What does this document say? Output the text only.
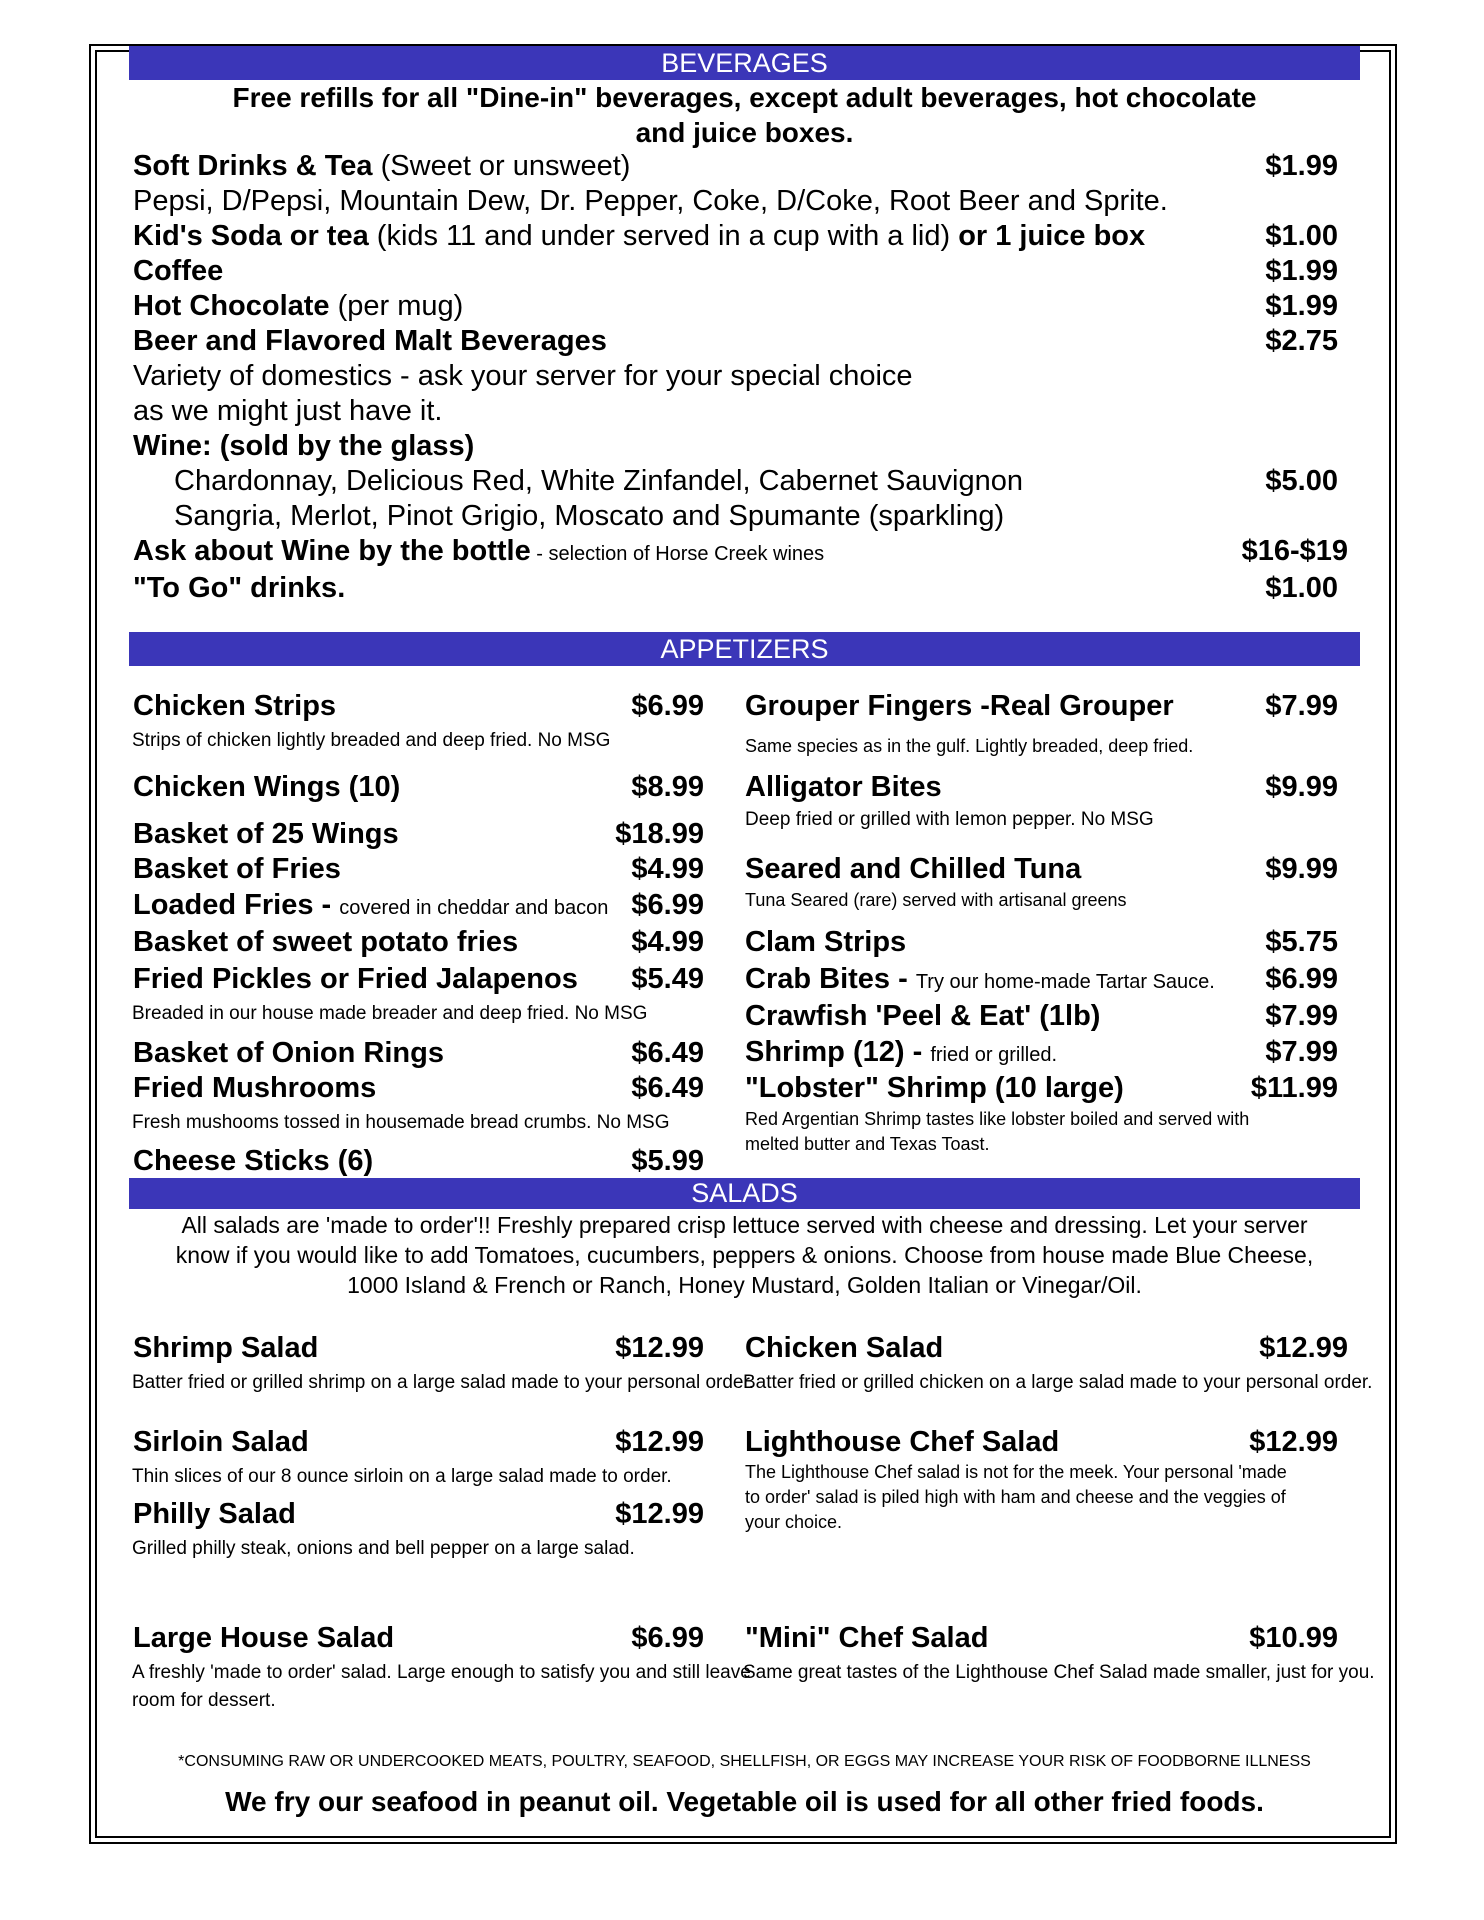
BEVERAGES
Free refills for all "Dine-in" beverages, except adult beverages, hot chocolate
and juice boxes.
Soft Drinks & Tea (Sweet or unsweet)	$1.99
Pepsi, D/Pepsi, Mountain Dew, Dr. Pepper, Coke, D/Coke, Root Beer and Sprite.
Kid's Soda or tea (kids 11 and under served in a cup with a lid) or 1 juice box	$1.00
Coffee	$1.99
Hot Chocolate (per mug)	$1.99
Beer and Flavored Malt Beverages	$2.75
Variety of domestics - ask your server for your special choice
as we might just have it.
Wine: (sold by the glass)
Chardonnay, Delicious Red, White Zinfandel, Cabernet Sauvignon	$5.00
Sangria, Merlot, Pinot Grigio, Moscato and Spumante (sparkling)
Ask about Wine by the bottle - selection of Horse Creek wines	$16-$19
"To Go" drinks.	$1.00
APPETIZERS
Chicken Strips	$6.99
Strips of chicken lightly breaded and deep fried. No MSG
Chicken Wings (10)	$8.99
Basket of 25 Wings	$18.99
Basket of Fries	$4.99
Loaded Fries - covered in cheddar and bacon $6.99
Basket of sweet potato fries	$4.99
Fried Pickles or Fried Jalapenos $5.49
Breaded in our house made breader and deep fried. No MSG
Basket of Onion Rings	$6.49
Fried Mushrooms	$6.49
Fresh mushooms tossed in housemade bread crumbs. No MSG
Cheese Sticks (6)	$5.99
Grouper Fingers -Real Grouper	$7.99
Same species as in the gulf. Lightly breaded, deep fried.
Alligator Bites	$9.99
Deep fried or grilled with lemon pepper. No MSG
Seared and Chilled Tuna	$9.99
Tuna Seared (rare) served with artisanal greens
Clam Strips	$5.75
Crab Bites - Try our home-made Tartar Sauce. $6.99
Crawfish 'Peel & Eat' (1lb)	$7.99
Shrimp (12) - fried or grilled.	$7.99
"Lobster" Shrimp (10 large)	$11.99
Red Argentian Shrimp tastes like lobster boiled and served with
melted butter and Texas Toast.
SALADS
All salads are 'made to order'!! Freshly prepared crisp lettuce served with cheese and dressing. Let your server
know if you would like to add Tomatoes, cucumbers, peppers & onions. Choose from house made Blue Cheese,
1000 Island & French or Ranch, Honey Mustard, Golden Italian or Vinegar/Oil.
Shrimp Salad	$12.99
Batter fried or grilled shrimp on a large salad made to your personal order.
Chicken Salad	$12.99
Batter fried or grilled chicken on a large salad made to your personal order.
Sirloin Salad	$12.99
Thin slices of our 8 ounce sirloin on a large salad made to order.
Lighthouse Chef Salad	$12.99
The Lighthouse Chef salad is not for the meek. Your personal 'made
to order' salad is piled high with ham and cheese and the veggies of
your choice.
Philly Salad	$12.99
Grilled philly steak, onions and bell pepper on a large salad.
Large House Salad	$6.99
A freshly 'made to order' salad. Large enough to satisfy you and still leave
room for dessert.
"Mini" Chef Salad	$10.99
Same great tastes of the Lighthouse Chef Salad made smaller, just for you.
*CONSUMING RAW OR UNDERCOOKED MEATS, POULTRY, SEAFOOD, SHELLFISH, OR EGGS MAY INCREASE YOUR RISK OF FOODBORNE ILLNESS
We fry our seafood in peanut oil. Vegetable oil is used for all other fried foods.
